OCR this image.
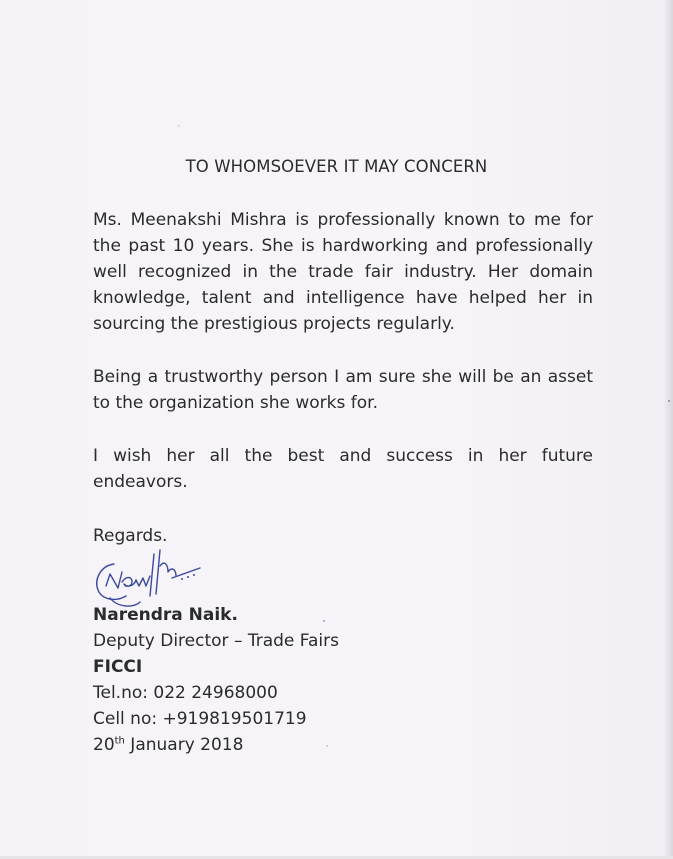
TO WHOMSOEVER IT MAY CONCERN

Ms. Meenakshi Mishra is professionally known to me for the past 10 years. She is hardworking and professionally well recognized in the trade fair industry. Her domain knowledge, talent and intelligence have helped her in sourcing the prestigious projects regularly.

Being a trustworthy person I am sure she will be an asset to the organization she works for.

I wish her all the best and success in her future endeavors.

Regards.
Narendra Naik.
Deputy Director – Trade Fairs
FICCI
Tel.no: 022 24968000
Cell no: +919819501719
20th January 2018
